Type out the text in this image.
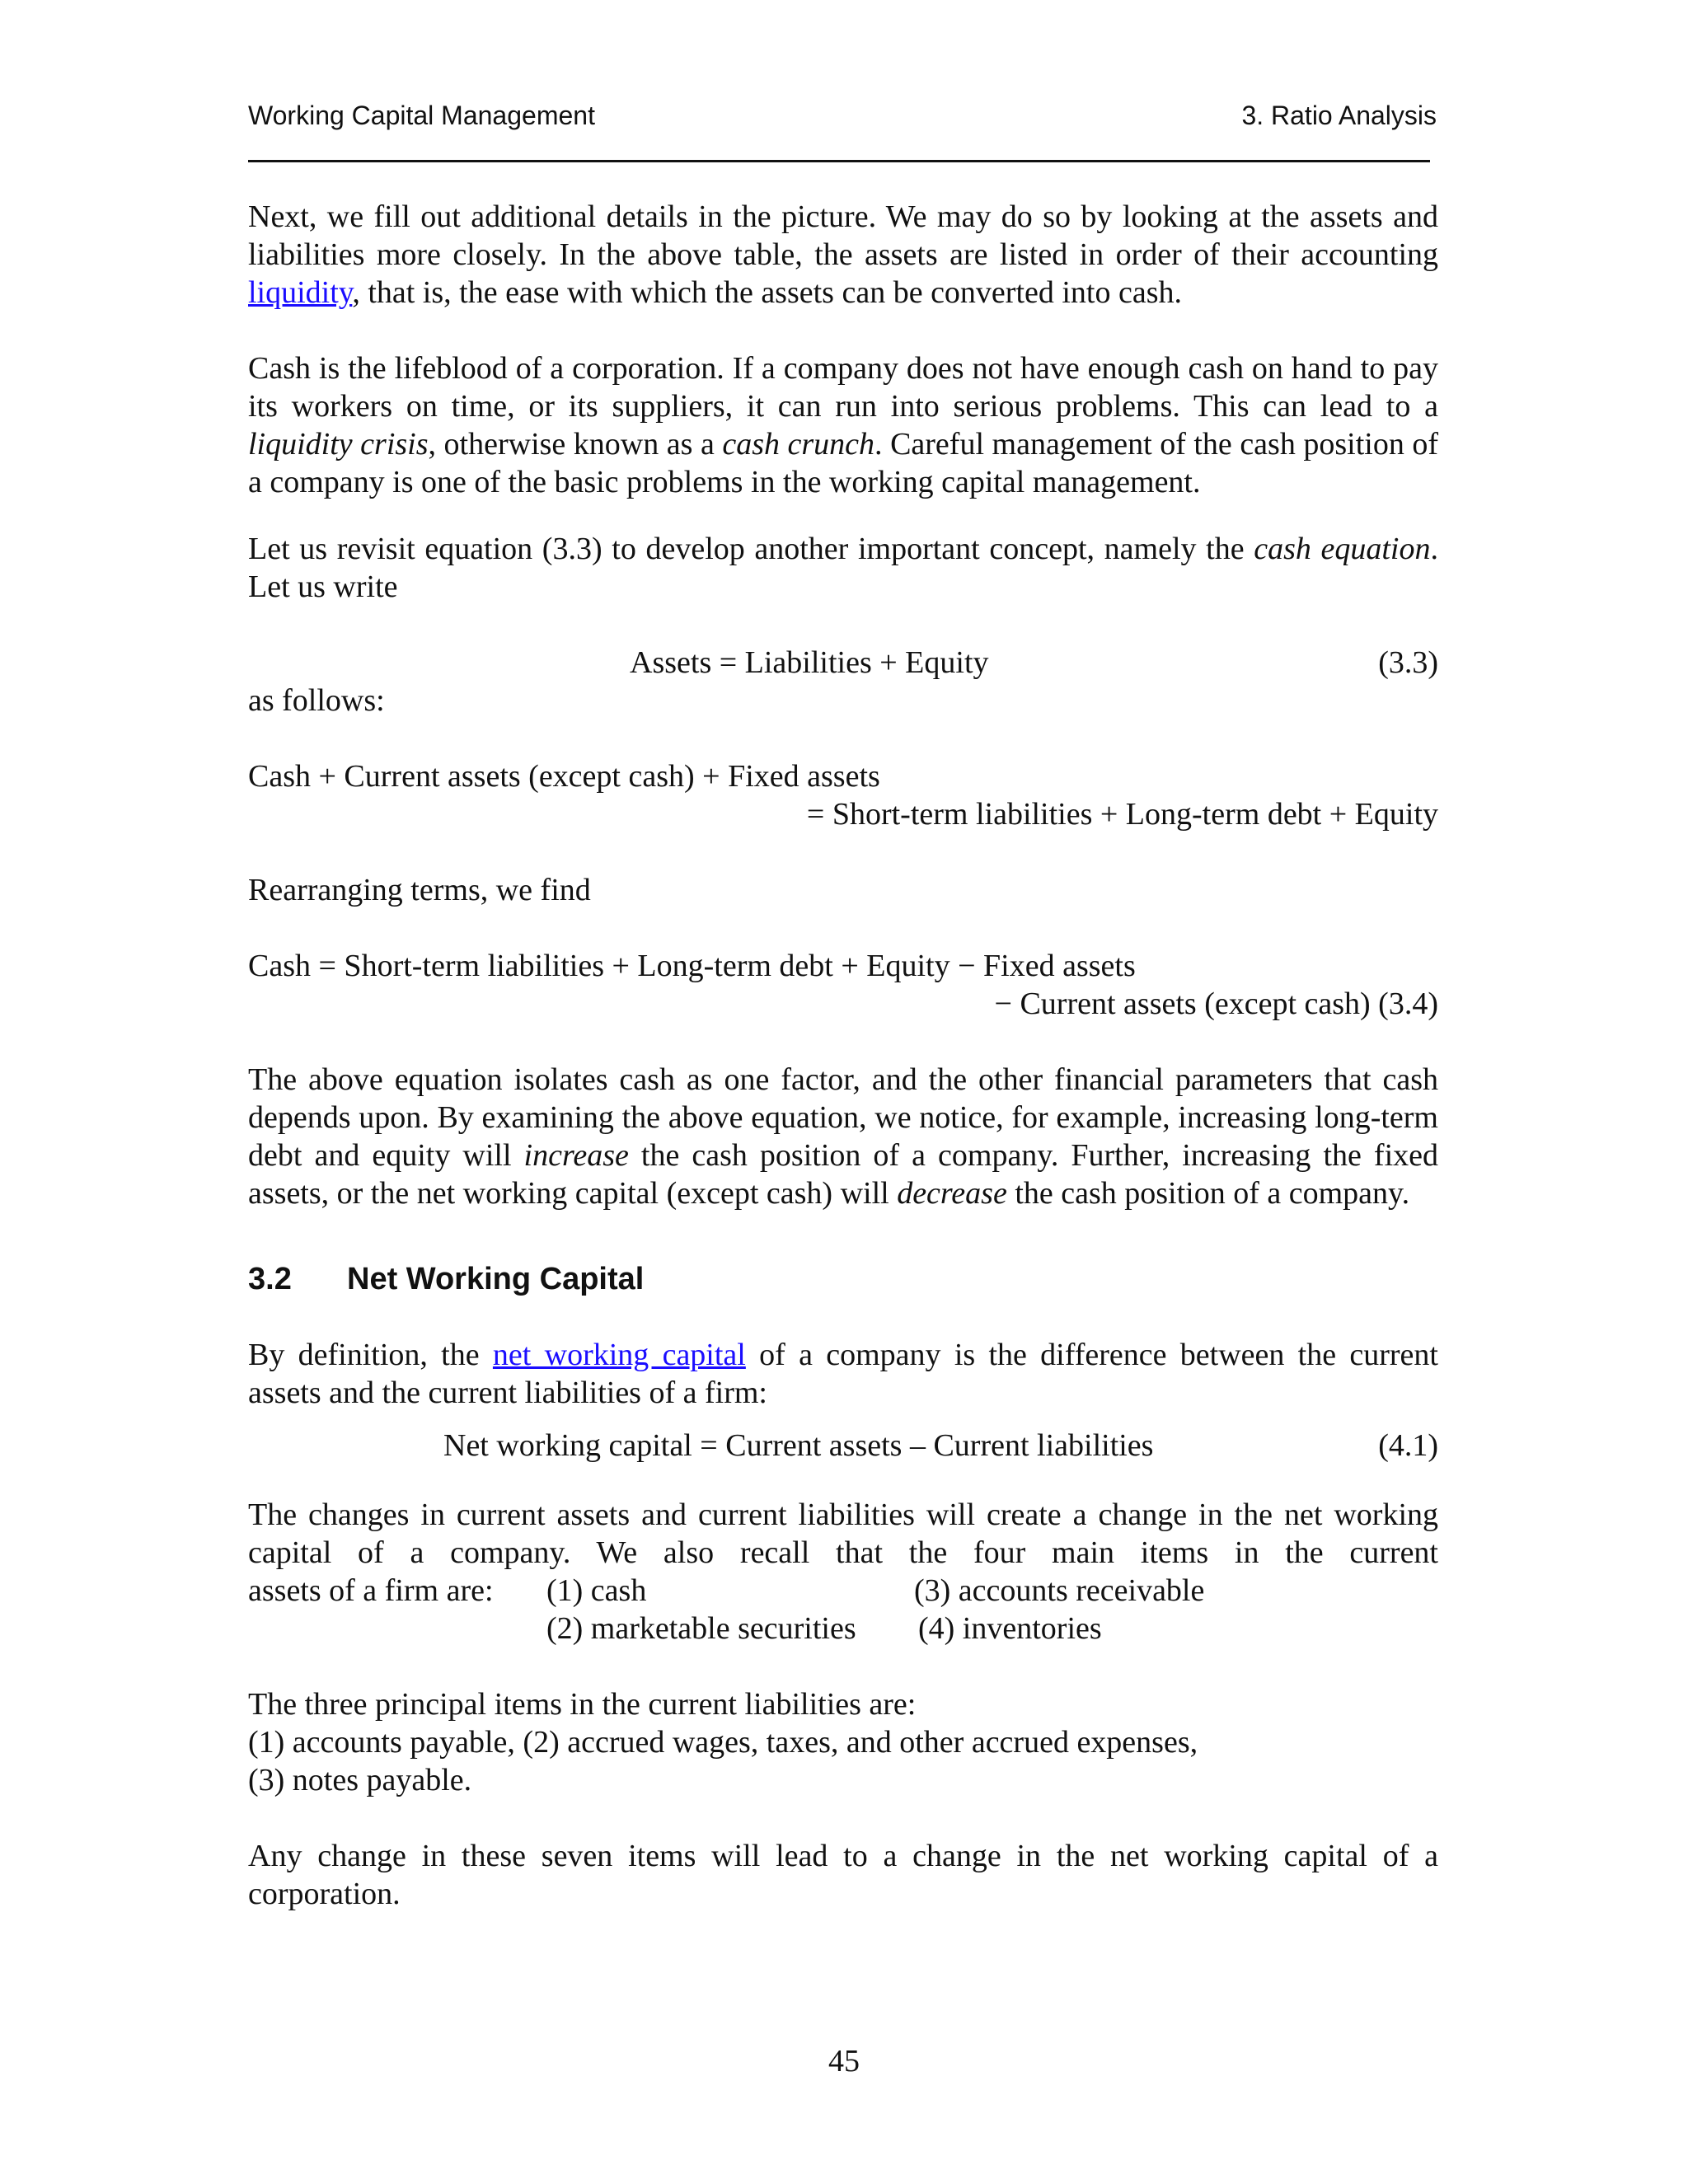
Working Capital Management	3. Ratio Analysis

Next, we fill out additional details in the picture. We may do so by looking at the assets and liabilities more closely. In the above table, the assets are listed in order of their accounting liquidity, that is, the ease with which the assets can be converted into cash.

Cash is the lifeblood of a corporation. If a company does not have enough cash on hand to pay its workers on time, or its suppliers, it can run into serious problems. This can lead to a liquidity crisis, otherwise known as a cash crunch. Careful management of the cash position of a company is one of the basic problems in the working capital management.

Let us revisit equation (3.3) to develop another important concept, namely the cash equation. Let us write

Assets = Liabilities + Equity	(3.3)

as follows:

Cash + Current assets (except cash) + Fixed assets

= Short-term liabilities + Long-term debt + Equity

Rearranging terms, we find

Cash = Short-term liabilities + Long-term debt + Equity − Fixed assets

− Current assets (except cash) (3.4)

The above equation isolates cash as one factor, and the other financial parameters that cash depends upon. By examining the above equation, we notice, for example, increasing long-term debt and equity will increase the cash position of a company. Further, increasing the fixed assets, or the net working capital (except cash) will decrease the cash position of a company.

3.2 Net Working Capital

By definition, the net working capital of a company is the difference between the current assets and the current liabilities of a firm:

Net working capital = Current assets – Current liabilities	(4.1)

The changes in current assets and current liabilities will create a change in the net working capital of a company. We also recall that the four main items in the current

assets of a firm are: (1) cash	(3) accounts receivable
(2) marketable securities (4) inventories

The three principal items in the current liabilities are:

(1) accounts payable, (2) accrued wages, taxes, and other accrued expenses,

(3) notes payable.

Any change in these seven items will lead to a change in the net working capital of a corporation.

45
